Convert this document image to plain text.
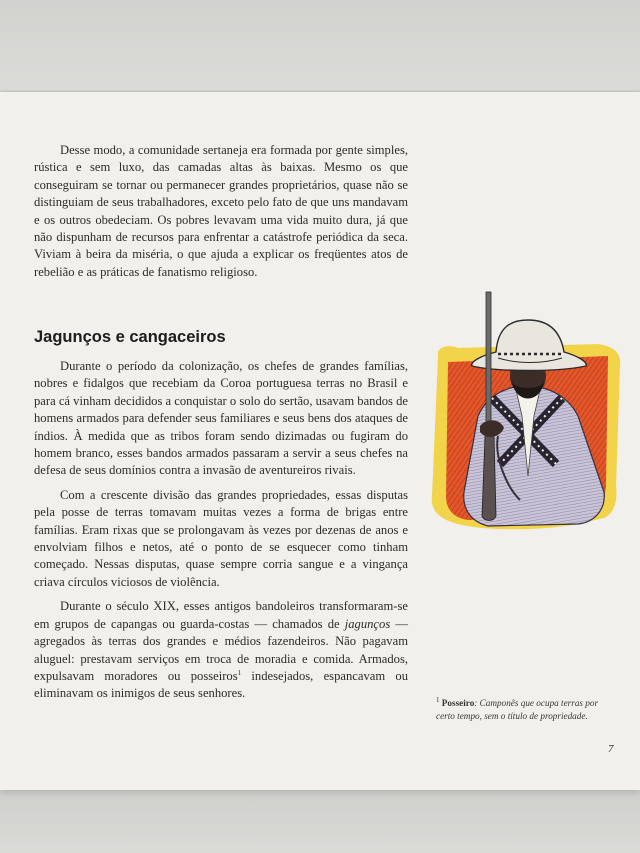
Desse modo, a comunidade sertaneja era formada por gente simples, rústica e sem luxo, das camadas altas às baixas. Mesmo os que conseguiram se tornar ou permanecer grandes proprietários, quase não se distinguiam de seus trabalhadores, exceto pelo fato de que uns mandavam e os outros obedeciam. Os pobres levavam uma vida muito dura, já que não dispunham de recursos para enfrentar a catástrofe periódica da seca. Viviam à beira da miséria, o que ajuda a explicar os freqüentes atos de rebelião e as práticas de fanatismo religioso.

Jagunços e cangaceiros

Durante o período da colonização, os chefes de grandes famílias, nobres e fidalgos que recebiam da Coroa portuguesa terras no Brasil e para cá vinham decididos a conquistar o solo do sertão, usavam bandos de homens armados para defender seus familiares e seus bens dos ataques de índios. À medida que as tribos foram sendo dizimadas ou fugiram do homem branco, esses bandos armados passaram a servir a seus chefes na defesa de seus domínios contra a invasão de aventureiros rivais.

Com a crescente divisão das grandes propriedades, essas disputas pela posse de terras tomavam muitas vezes a forma de brigas entre famílias. Eram rixas que se prolongavam às vezes por dezenas de anos e envolviam filhos e netos, até o ponto de se esquecer como tinham começado. Nessas disputas, quase sempre corria sangue e a vingança criava círculos viciosos de violência.

Durante o século XIX, esses antigos bandoleiros transformaram-se em grupos de capangas ou guarda-costas — chamados de jagunços — agregados às terras dos grandes e médios fazendeiros. Não pagavam aluguel: prestavam serviços em troca de moradia e comida. Armados, expulsavam moradores ou posseiros$^1$ indesejados, espancavam ou eliminavam os inimigos de seus senhores.	$^1$ Posseiro: Camponês que ocupa terras por certo tempo, sem o título de propriedade.
7
